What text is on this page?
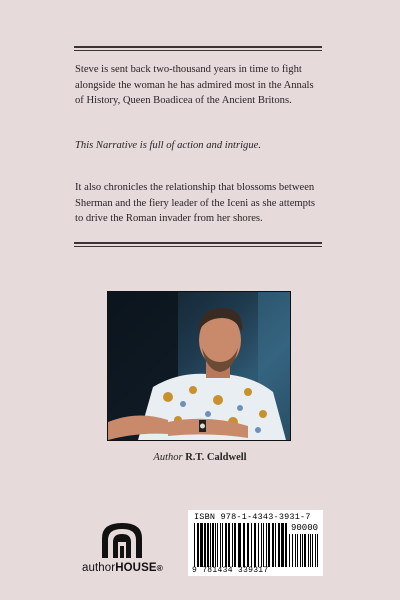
Steve is sent back two-thousand years in time to fight alongside the woman he has admired most in the Annals of History, Queen Boadicea of the Ancient Britons.

This Narrative is full of action and intrigue.

It also chronicles the relationship that blossoms between Sherman and the fiery leader of the Iceni as she attempts to drive the Roman invader from her shores.

Author R.T. Caldwell
authorHOUSE®
ISBN 978-1-4343-3931-7
90000
9 781434 339317
